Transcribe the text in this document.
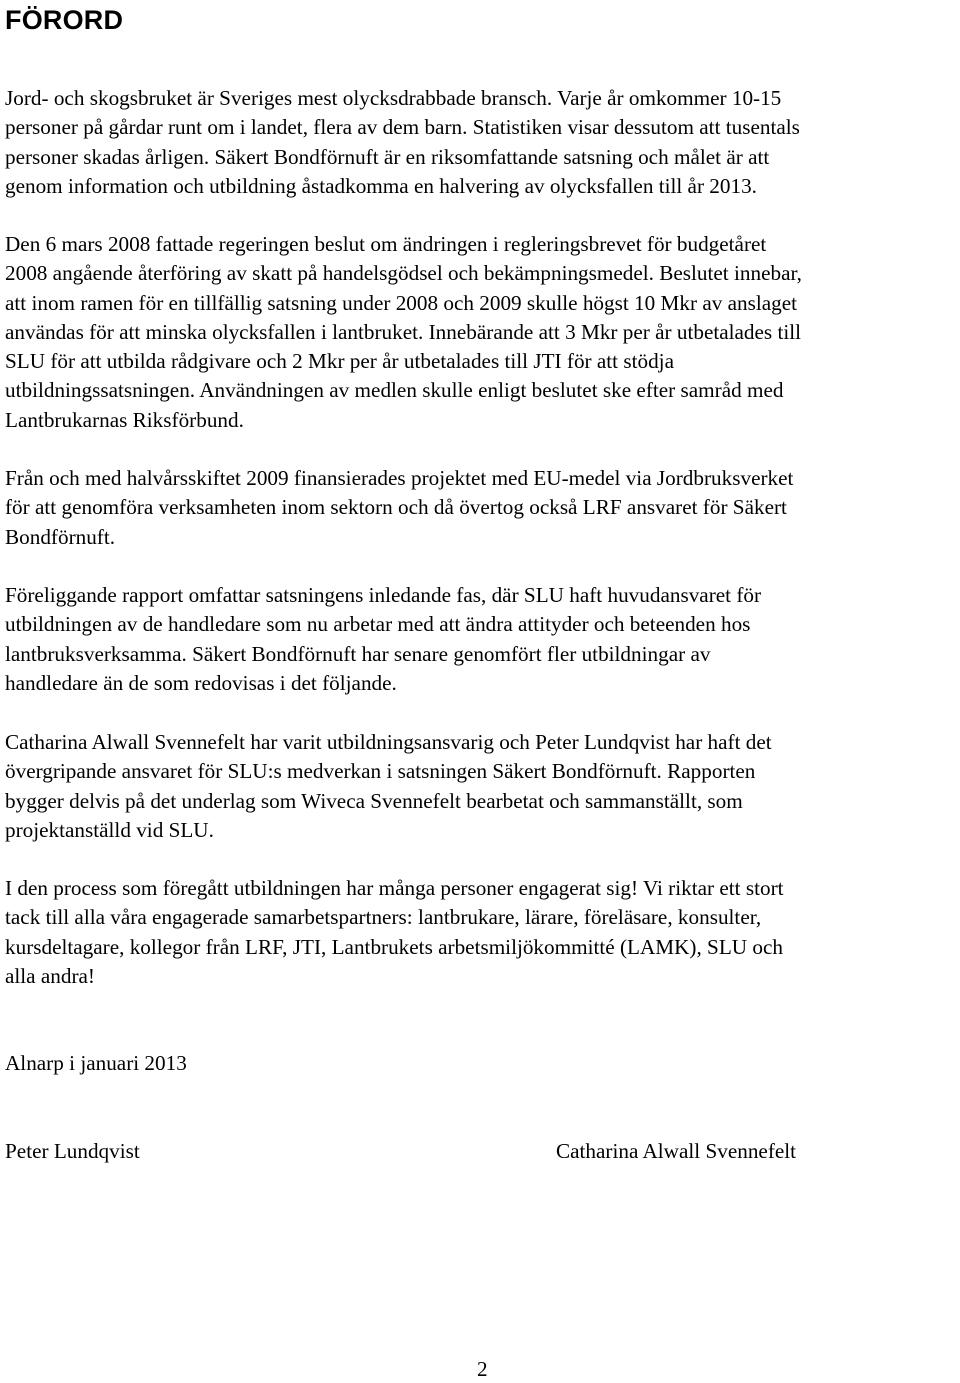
FÖRORD

Jord- och skogsbruket är Sveriges mest olycksdrabbade bransch. Varje år omkommer 10-15
personer på gårdar runt om i landet, flera av dem barn. Statistiken visar dessutom att tusentals
personer skadas årligen. Säkert Bondförnuft är en riksomfattande satsning och målet är att
genom information och utbildning åstadkomma en halvering av olycksfallen till år 2013.

Den 6 mars 2008 fattade regeringen beslut om ändringen i regleringsbrevet för budgetåret
2008 angående återföring av skatt på handelsgödsel och bekämpningsmedel. Beslutet innebar,
att inom ramen för en tillfällig satsning under 2008 och 2009 skulle högst 10 Mkr av anslaget
användas för att minska olycksfallen i lantbruket. Innebärande att 3 Mkr per år utbetalades till
SLU för att utbilda rådgivare och 2 Mkr per år utbetalades till JTI för att stödja
utbildningssatsningen. Användningen av medlen skulle enligt beslutet ske efter samråd med
Lantbrukarnas Riksförbund.

Från och med halvårsskiftet 2009 finansierades projektet med EU-medel via Jordbruksverket
för att genomföra verksamheten inom sektorn och då övertog också LRF ansvaret för Säkert
Bondförnuft.

Föreliggande rapport omfattar satsningens inledande fas, där SLU haft huvudansvaret för
utbildningen av de handledare som nu arbetar med att ändra attityder och beteenden hos
lantbruksverksamma. Säkert Bondförnuft har senare genomfört fler utbildningar av
handledare än de som redovisas i det följande.

Catharina Alwall Svennefelt har varit utbildningsansvarig och Peter Lundqvist har haft det
övergripande ansvaret för SLU:s medverkan i satsningen Säkert Bondförnuft. Rapporten
bygger delvis på det underlag som Wiveca Svennefelt bearbetat och sammanställt, som
projektanställd vid SLU.

I den process som föregått utbildningen har många personer engagerat sig! Vi riktar ett stort
tack till alla våra engagerade samarbetspartners: lantbrukare, lärare, föreläsare, konsulter,
kursdeltagare, kollegor från LRF, JTI, Lantbrukets arbetsmiljökommitté (LAMK), SLU och
alla andra!

Alnarp i januari 2013

Peter Lundqvist	Catharina Alwall Svennefelt

2
